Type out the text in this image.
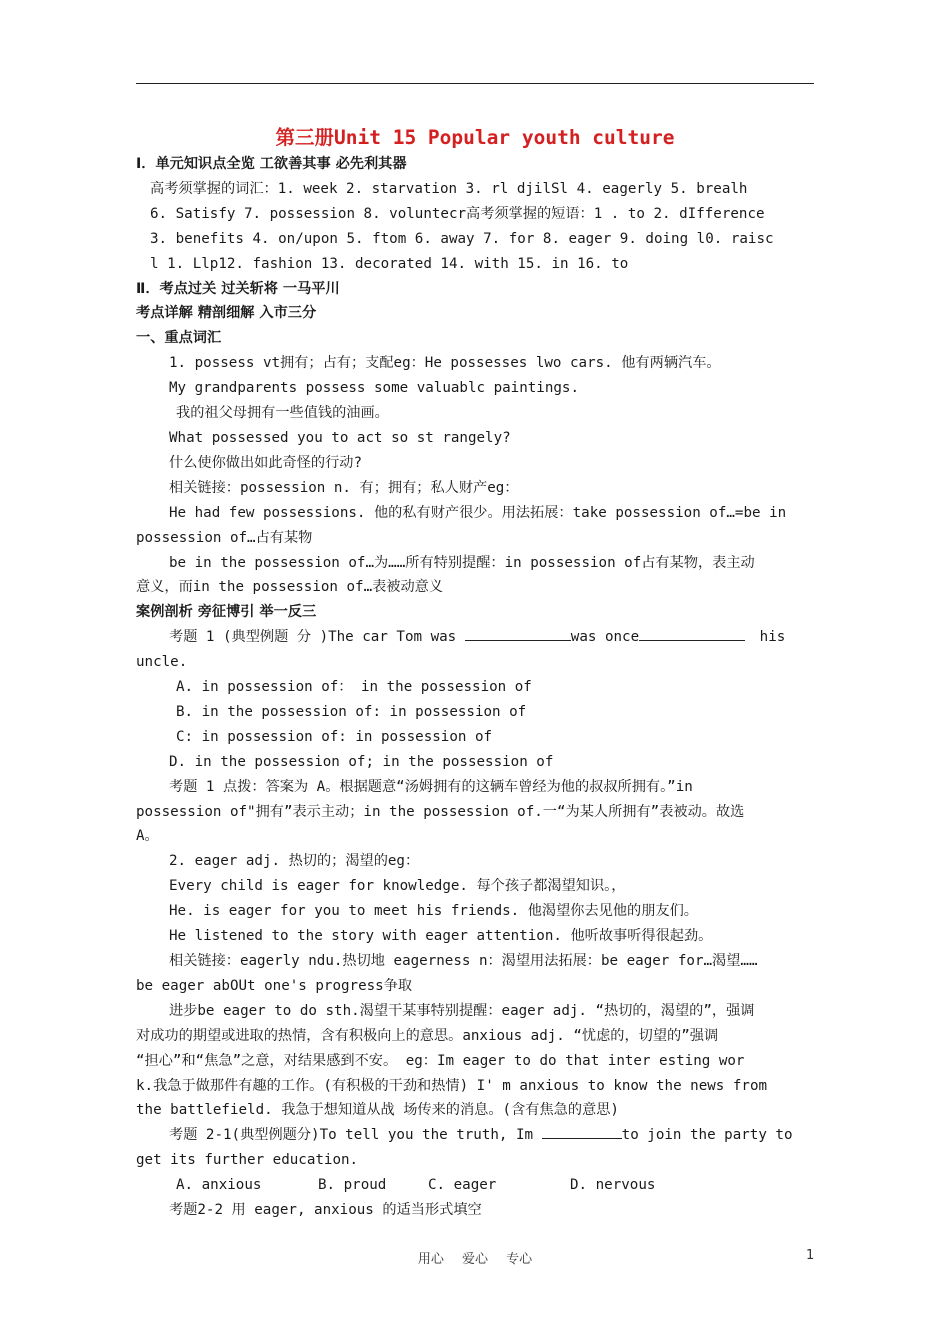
第三册Unit 15 Popular youth culture
I．单元知识点全览 工欲善其事 必先利其器
高考须掌握的词汇：1. week 2. starvation 3. rl djilSl 4. eagerly 5. brealh
6. Satisfy 7. possession 8. voluntecr高考须掌握的短语：1 . to 2. dIfference
3. benefits 4. on/upon 5. ftom 6. away 7. for 8. eager 9. doing l0. raisc
l 1. Llp12. fashion 13. decorated 14. with 15. in 16. to
Ⅱ．考点过关 过关斩将 一马平川
考点详解 精剖细解 入市三分
一、重点词汇
1. possess vt拥有；占有；支配eg：He possesses lwo cars. 他有两辆汽车。
My grandparents possess some valuablc paintings.
我的祖父母拥有一些值钱的油画。
What possessed you to act so st rangely?
什么使你做出如此奇怪的行动?
相关链接：possession n. 有；拥有；私人财产eg：
He had few possessions. 他的私有财产很少。用法拓展：take possession of…=be in
possession of…占有某物
be in the possession of…为……所有特别提醒：in possession of占有某物，表主动
意义，而in the possession of…表被动意义
案例剖析 旁征博引 举一反三
考题 1 (典型例题 分 )The car Tom was	was once	his
uncle.
A. in possession of： in the possession of
B. in the possession of: in possession of
C: in possession of: in possession of
D. in the possession of; in the possession of
考题 1 点拨：答案为 A。根据题意“汤姆拥有的这辆车曾经为他的叔叔所拥有。”in
possession of"拥有”表示主动；in the possession of.一“为某人所拥有”表被动。故选
A。
2. eager adj. 热切的；渴望的eg：
Every child is eager for knowledge. 每个孩子都渴望知识。，
He. is eager for you to meet his friends. 他渴望你去见他的朋友们。
He listened to the story with eager attention. 他听故事听得很起劲。
相关链接：eagerly ndu.热切地 eagerness n：渴望用法拓展：be eager for…渴望……
be eager abOUt one's progress争取
进步be eager to do sth.渴望干某事特别提醒：eager adj. “热切的，渴望的”，强调
对成功的期望或进取的热情，含有积极向上的意思。anxious adj. “忧虑的，切望的”强调
“担心”和“焦急”之意，对结果感到不安。 eg：Im eager to do that inter esting wor
k.我急于做那件有趣的工作。(有积极的干劲和热情) I' m anxious to know the news from
the battlefield. 我急于想知道从战 场传来的消息。(含有焦急的意思)
考题 2-1(典型例题分)To tell you the truth, Im	to join the party to
get its further education.
A. anxious	B. proud	C. eager	D. nervous
考题2-2 用 eager, anxious 的适当形式填空
用心 爱心 专心	1
